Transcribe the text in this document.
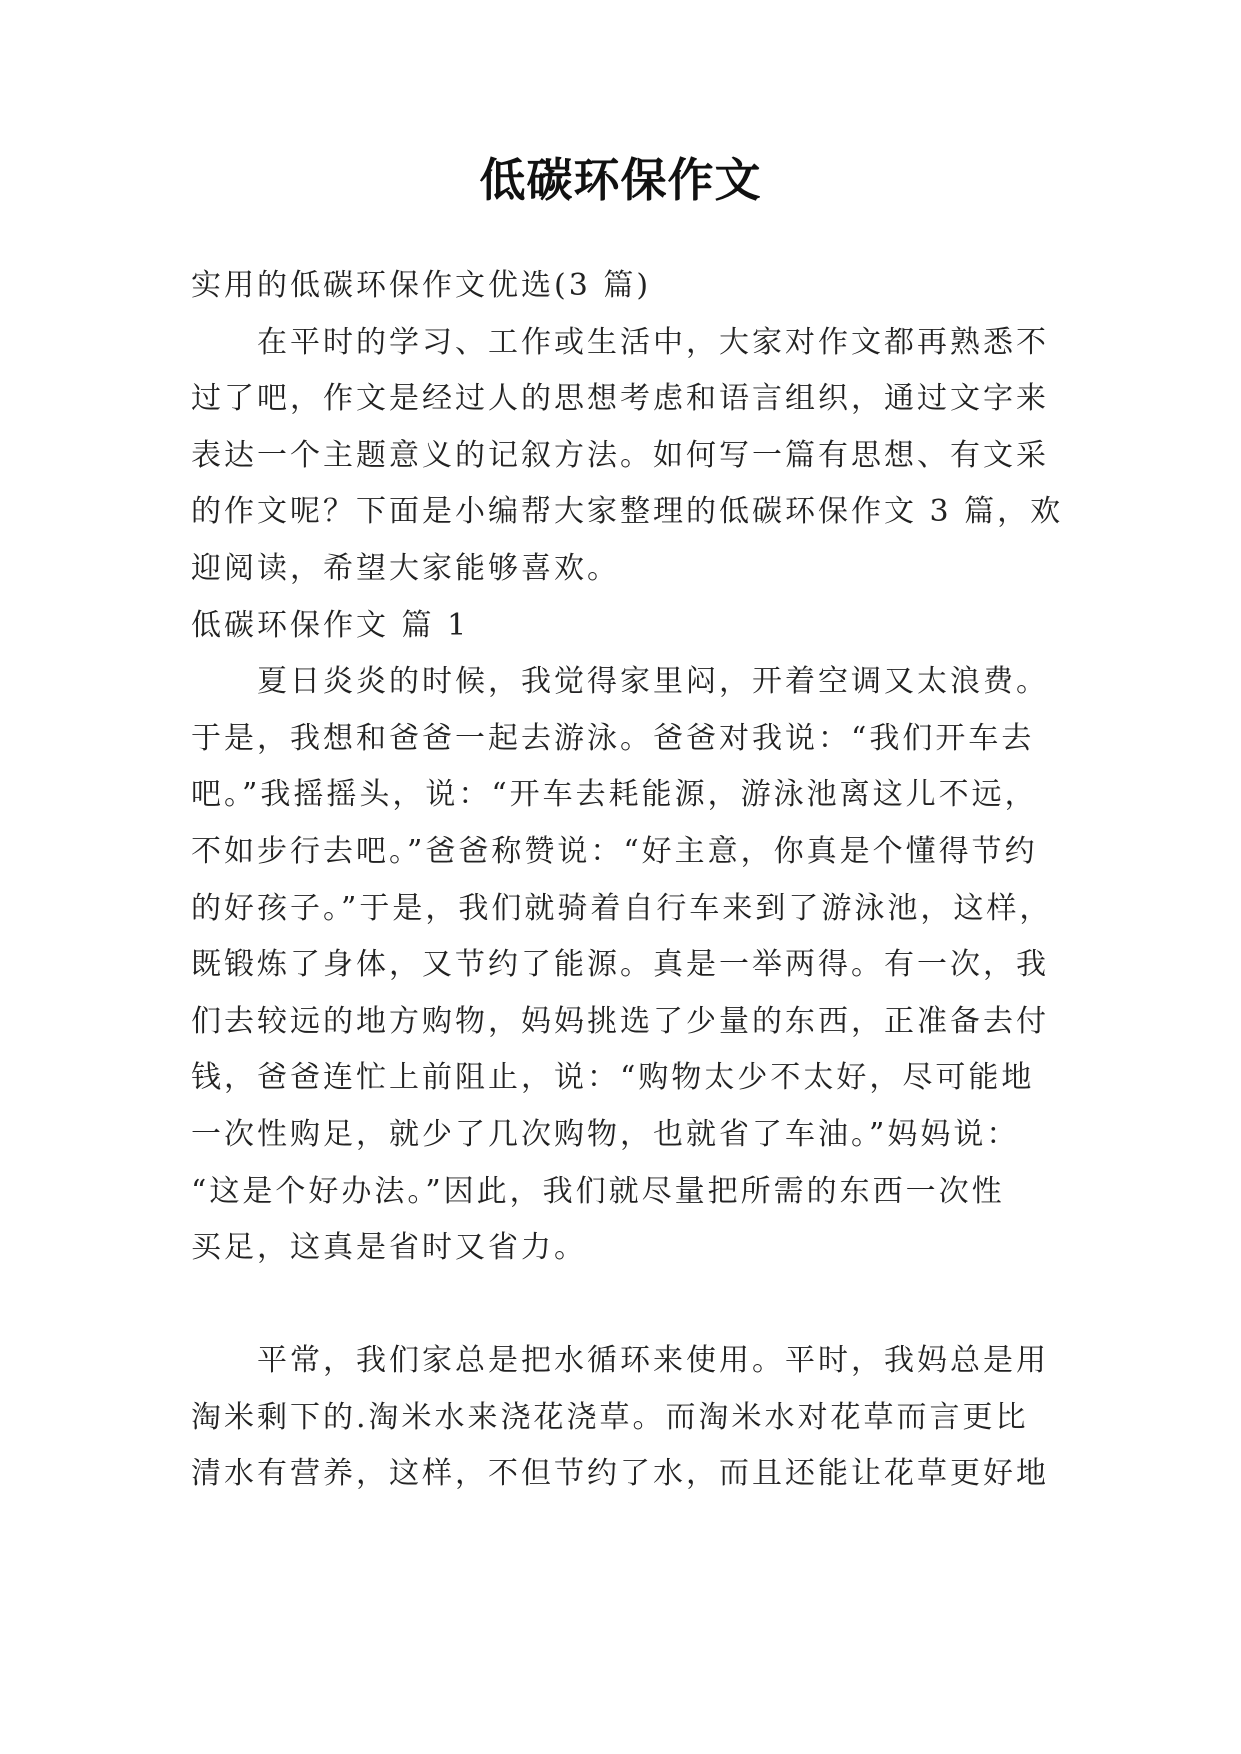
低碳环保作文
实用的低碳环保作文优选(3 篇)
　　在平时的学习、工作或生活中，大家对作文都再熟悉不
过了吧，作文是经过人的思想考虑和语言组织，通过文字来
表达一个主题意义的记叙方法。如何写一篇有思想、有文采
的作文呢？下面是小编帮大家整理的低碳环保作文 3 篇，欢
迎阅读，希望大家能够喜欢。
低碳环保作文 篇 1
　　夏日炎炎的时候，我觉得家里闷，开着空调又太浪费。
于是，我想和爸爸一起去游泳。爸爸对我说：“我们开车去
吧。”我摇摇头，说：“开车去耗能源，游泳池离这儿不远，
不如步行去吧。”爸爸称赞说：“好主意，你真是个懂得节约
的好孩子。”于是，我们就骑着自行车来到了游泳池，这样，
既锻炼了身体，又节约了能源。真是一举两得。有一次，我
们去较远的地方购物，妈妈挑选了少量的东西，正准备去付
钱，爸爸连忙上前阻止，说：“购物太少不太好，尽可能地
一次性购足，就少了几次购物，也就省了车油。”妈妈说：
“这是个好办法。”因此，我们就尽量把所需的东西一次性
买足，这真是省时又省力。
　　平常，我们家总是把水循环来使用。平时，我妈总是用
淘米剩下的.淘米水来浇花浇草。而淘米水对花草而言更比
清水有营养，这样，不但节约了水，而且还能让花草更好地
